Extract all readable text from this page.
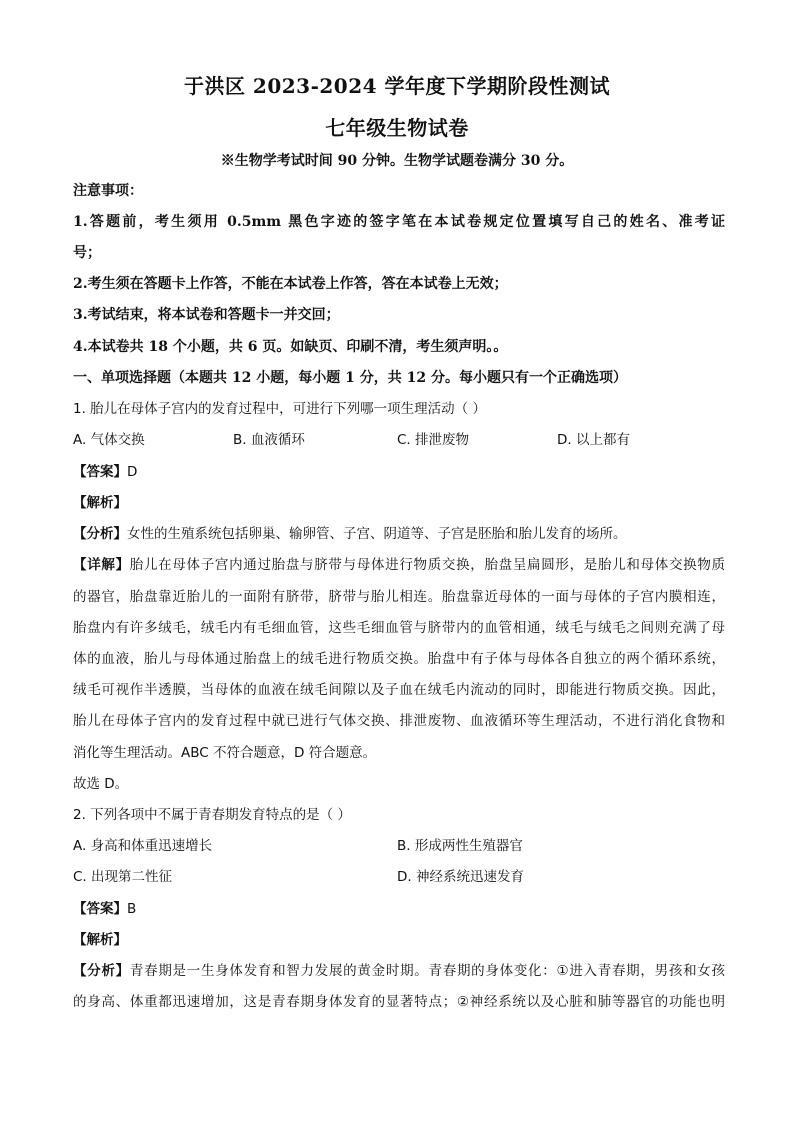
于洪区 2023-2024 学年度下学期阶段性测试
七年级生物试卷
※生物学考试时间 90 分钟。生物学试题卷满分 30 分。
注意事项：
1.答题前，考生须用 0.5mm 黑色字迹的签字笔在本试卷规定位置填写自己的姓名、准考证
号；
2.考生须在答题卡上作答，不能在本试卷上作答，答在本试卷上无效；
3.考试结束，将本试卷和答题卡一并交回；
4.本试卷共 18 个小题，共 6 页。如缺页、印刷不清，考生须声明。。
一、单项选择题（本题共 12 小题，每小题 1 分，共 12 分。每小题只有一个正确选项）
1. 胎儿在母体子宫内的发育过程中，可进行下列哪一项生理活动（ ）
A. 气体交换	B. 血液循环	C. 排泄废物	D. 以上都有
【答案】D
【解析】
【分析】女性的生殖系统包括卵巢、输卵管、子宫、阴道等、子宫是胚胎和胎儿发育的场所。
【详解】胎儿在母体子宫内通过胎盘与脐带与母体进行物质交换，胎盘呈扁圆形，是胎儿和母体交换物质
的器官，胎盘靠近胎儿的一面附有脐带，脐带与胎儿相连。胎盘靠近母体的一面与母体的子宫内膜相连，
胎盘内有许多绒毛，绒毛内有毛细血管，这些毛细血管与脐带内的血管相通，绒毛与绒毛之间则充满了母
体的血液，胎儿与母体通过胎盘上的绒毛进行物质交换。胎盘中有子体与母体各自独立的两个循环系统，
绒毛可视作半透膜，当母体的血液在绒毛间隙以及子血在绒毛内流动的同时，即能进行物质交换。因此，
胎儿在母体子宫内的发育过程中就已进行气体交换、排泄废物、血液循环等生理活动，不进行消化食物和
消化等生理活动。ABC 不符合题意，D 符合题意。
故选 D。
2. 下列各项中不属于青春期发育特点的是（ ）
A. 身高和体重迅速增长	B. 形成两性生殖器官
C. 出现第二性征	D. 神经系统迅速发育
【答案】B
【解析】
【分析】青春期是一生身体发育和智力发展的黄金时期。青春期的身体变化：①进入青春期，男孩和女孩
的身高、体重都迅速增加，这是青春期身体发育的显著特点；②神经系统以及心脏和肺等器官的功能也明
